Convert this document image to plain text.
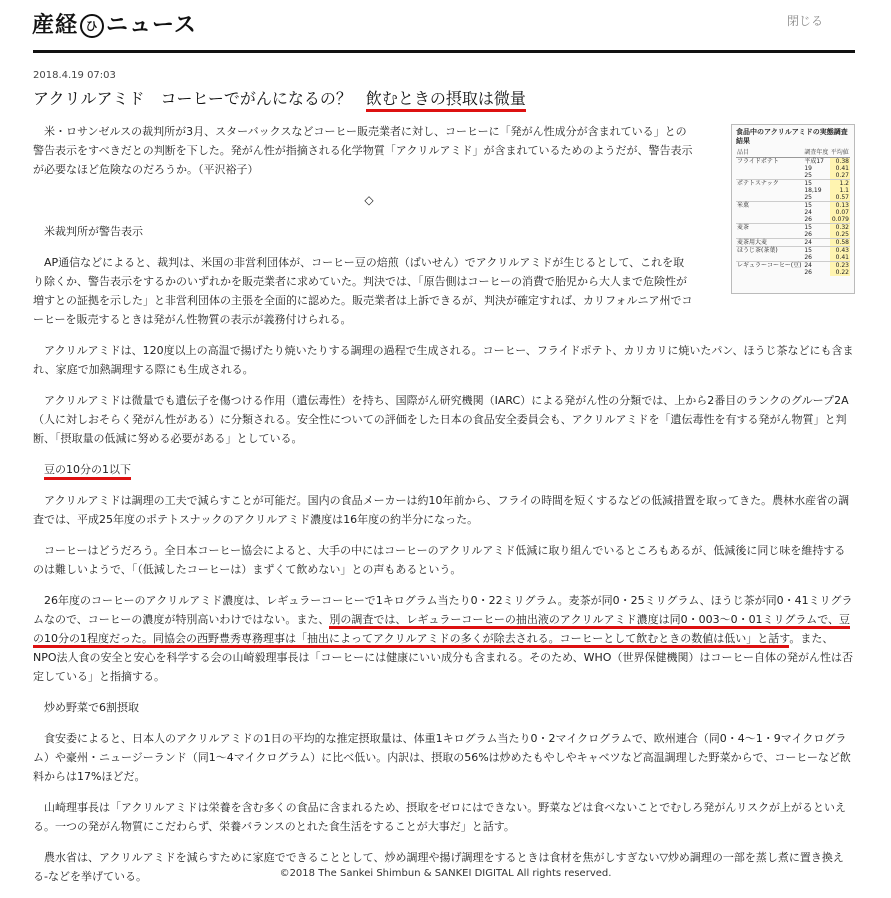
産経 ひ ニュース	閉じる
2018.4.19 07:03
アクリルアミド　コーヒーでがんになるの？ 飲むときの摂取は微量
食品中のアクリルアミドの実態調査結果
品目	調査年度	平均値
フライドポテト	平成17	0.38
	19	0.41
	25	0.27
ポテトスナック	15	1.2
	18,19	1.1
	25	0.57
米菓	15	0.13
	24	0.07
	26	0.079
麦茶	15	0.32
	26	0.25
麦茶用大麦	24	0.58
ほうじ茶(茶葉)	15	0.43
	26	0.41
レギュラーコーヒー(豆)	24	0.23
	26	0.22

米・ロサンゼルスの裁判所が3月、スターバックスなどコーヒー販売業者に対し、コーヒーに「発がん性成分が含まれている」との警告表示をすべきだとの判断を下した。発がん性が指摘される化学物質「アクリルアミド」が含まれているためのようだが、警告表示が必要なほど危険なのだろうか。（平沢裕子）

◇

米裁判所が警告表示

AP通信などによると、裁判は、米国の非営利団体が、コーヒー豆の焙煎（ばいせん）でアクリルアミドが生じるとして、これを取り除くか、警告表示をするかのいずれかを販売業者に求めていた。判決では、「原告側はコーヒーの消費で胎児から大人まで危険性が増すとの証拠を示した」と非営利団体の主張を全面的に認めた。販売業者は上訴できるが、判決が確定すれば、カリフォルニア州でコーヒーを販売するときは発がん性物質の表示が義務付けられる。

アクリルアミドは、120度以上の高温で揚げたり焼いたりする調理の過程で生成される。コーヒー、フライドポテト、カリカリに焼いたパン、ほうじ茶などにも含まれ、家庭で加熱調理する際にも生成される。

アクリルアミドは微量でも遺伝子を傷つける作用（遺伝毒性）を持ち、国際がん研究機関（IARC）による発がん性の分類では、上から2番目のランクのグループ2A（人に対しおそらく発がん性がある）に分類される。安全性についての評価をした日本の食品安全委員会も、アクリルアミドを「遺伝毒性を有する発がん物質」と判断、「摂取量の低減に努める必要がある」としている。

豆の10分の1以下

アクリルアミドは調理の工夫で減らすことが可能だ。国内の食品メーカーは約10年前から、フライの時間を短くするなどの低減措置を取ってきた。農林水産省の調査では、平成25年度のポテトスナックのアクリルアミド濃度は16年度の約半分になった。

コーヒーはどうだろう。全日本コーヒー協会によると、大手の中にはコーヒーのアクリルアミド低減に取り組んでいるところもあるが、低減後に同じ味を維持するのは難しいようで、「（低減したコーヒーは）まずくて飲めない」との声もあるという。

26年度のコーヒーのアクリルアミド濃度は、レギュラーコーヒーで1キログラム当たり0・22ミリグラム。麦茶が同0・25ミリグラム、ほうじ茶が同0・41ミリグラムなので、コーヒーの濃度が特別高いわけではない。また、別の調査では、レギュラーコーヒーの抽出液のアクリルアミド濃度は同0・003～0・01ミリグラムで、豆の10分の1程度だった。同協会の西野豊秀専務理事は「抽出によってアクリルアミドの多くが除去される。コーヒーとして飲むときの数値は低い」と話す。また、NPO法人食の安全と安心を科学する会の山崎毅理事長は「コーヒーには健康にいい成分も含まれる。そのため、WHO（世界保健機関）はコーヒー自体の発がん性は否定している」と指摘する。

炒め野菜で6割摂取

食安委によると、日本人のアクリルアミドの1日の平均的な推定摂取量は、体重1キログラム当たり0・2マイクログラムで、欧州連合（同0・4～1・9マイクログラム）や豪州・ニュージーランド（同1～4マイクログラム）に比べ低い。内訳は、摂取の56%は炒めたもやしやキャベツなど高温調理した野菜からで、コーヒーなど飲料からは17%ほどだ。

山崎理事長は「アクリルアミドは栄養を含む多くの食品に含まれるため、摂取をゼロにはできない。野菜などは食べないことでむしろ発がんリスクが上がるといえる。一つの発がん物質にこだわらず、栄養バランスのとれた食生活をすることが大事だ」と話す。

農水省は、アクリルアミドを減らすために家庭でできることとして、炒め調理や揚げ調理をするときは食材を焦がしすぎない▽炒め調理の一部を蒸し煮に置き換える-などを挙げている。	©2018 The Sankei Shimbun & SANKEI DIGITAL All rights reserved.
